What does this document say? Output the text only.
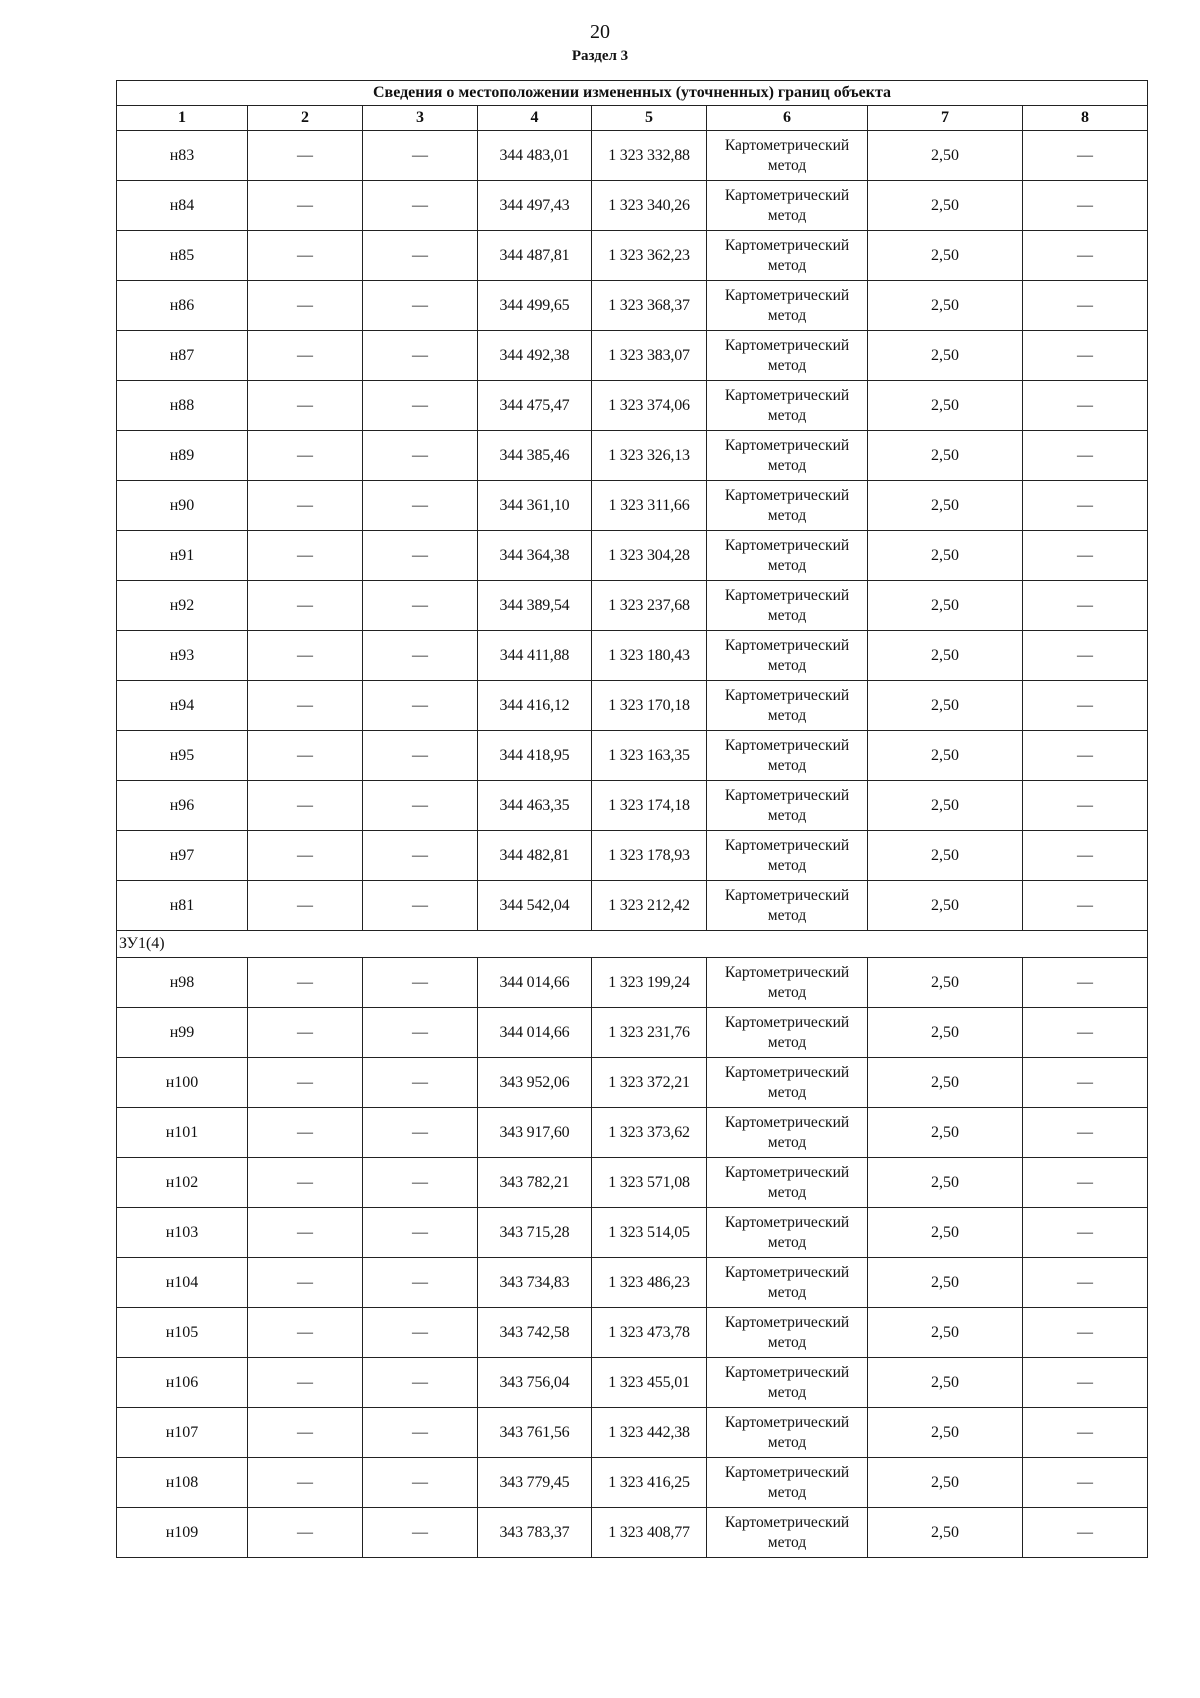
20
Раздел 3
Сведения о местоположении измененных (уточненных) границ объекта							
1	2	3	4	5	6	7	8
н83	—	—	344 483,01	1 323 332,88	Картометрический метод	2,50	—
н84	—	—	344 497,43	1 323 340,26	Картометрический метод	2,50	—
н85	—	—	344 487,81	1 323 362,23	Картометрический метод	2,50	—
н86	—	—	344 499,65	1 323 368,37	Картометрический метод	2,50	—
н87	—	—	344 492,38	1 323 383,07	Картометрический метод	2,50	—
н88	—	—	344 475,47	1 323 374,06	Картометрический метод	2,50	—
н89	—	—	344 385,46	1 323 326,13	Картометрический метод	2,50	—
н90	—	—	344 361,10	1 323 311,66	Картометрический метод	2,50	—
н91	—	—	344 364,38	1 323 304,28	Картометрический метод	2,50	—
н92	—	—	344 389,54	1 323 237,68	Картометрический метод	2,50	—
н93	—	—	344 411,88	1 323 180,43	Картометрический метод	2,50	—
н94	—	—	344 416,12	1 323 170,18	Картометрический метод	2,50	—
н95	—	—	344 418,95	1 323 163,35	Картометрический метод	2,50	—
н96	—	—	344 463,35	1 323 174,18	Картометрический метод	2,50	—
н97	—	—	344 482,81	1 323 178,93	Картометрический метод	2,50	—
н81	—	—	344 542,04	1 323 212,42	Картометрический метод	2,50	—
ЗУ1(4)							
н98	—	—	344 014,66	1 323 199,24	Картометрический метод	2,50	—
н99	—	—	344 014,66	1 323 231,76	Картометрический метод	2,50	—
н100	—	—	343 952,06	1 323 372,21	Картометрический метод	2,50	—
н101	—	—	343 917,60	1 323 373,62	Картометрический метод	2,50	—
н102	—	—	343 782,21	1 323 571,08	Картометрический метод	2,50	—
н103	—	—	343 715,28	1 323 514,05	Картометрический метод	2,50	—
н104	—	—	343 734,83	1 323 486,23	Картометрический метод	2,50	—
н105	—	—	343 742,58	1 323 473,78	Картометрический метод	2,50	—
н106	—	—	343 756,04	1 323 455,01	Картометрический метод	2,50	—
н107	—	—	343 761,56	1 323 442,38	Картометрический метод	2,50	—
н108	—	—	343 779,45	1 323 416,25	Картометрический метод	2,50	—
н109	—	—	343 783,37	1 323 408,77	Картометрический метод	2,50	—
